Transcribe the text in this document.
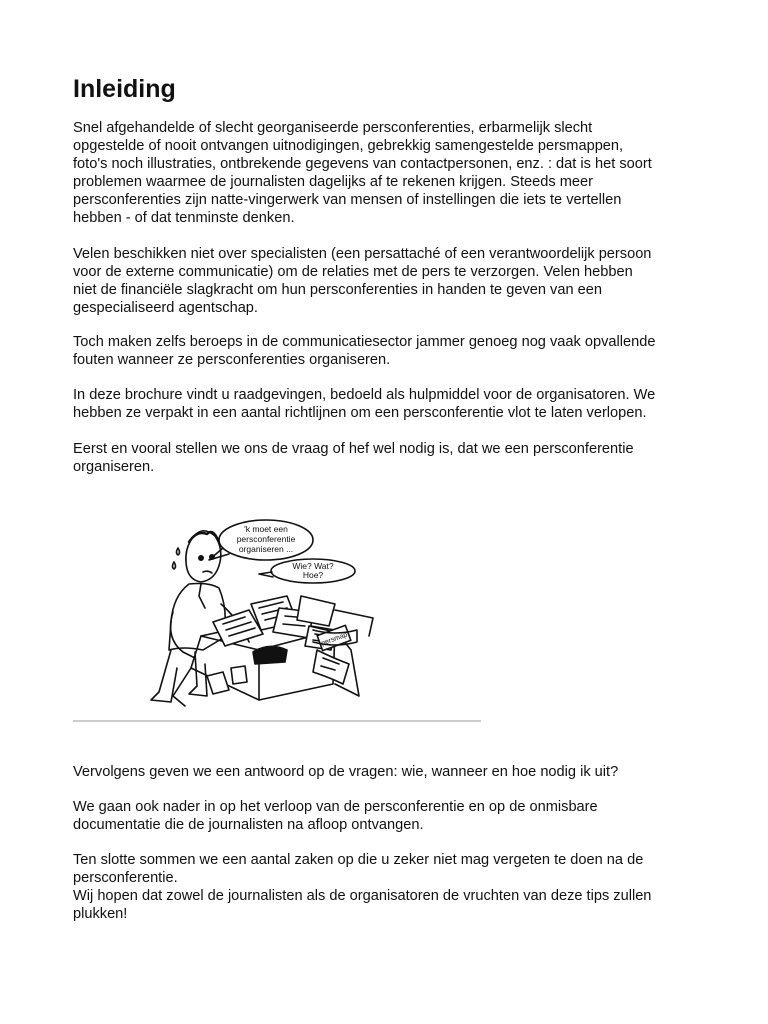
Inleiding

Snel afgehandelde of slecht georganiseerde persconferenties, erbarmelijk slecht
opgestelde of nooit ontvangen uitnodigingen, gebrekkig samengestelde persmappen,
foto's noch illustraties, ontbrekende gegevens van contactpersonen, enz. : dat is het soort
problemen waarmee de journalisten dagelijks af te rekenen krijgen. Steeds meer
persconferenties zijn natte-vingerwerk van mensen of instellingen die iets te vertellen
hebben - of dat tenminste denken.

Velen beschikken niet over specialisten (een persattaché of een verantwoordelijk persoon
voor de externe communicatie) om de relaties met de pers te verzorgen. Velen hebben
niet de financiële slagkracht om hun persconferenties in handen te geven van een
gespecialiseerd agentschap.

Toch maken zelfs beroeps in de communicatiesector jammer genoeg nog vaak opvallende
fouten wanneer ze persconferenties organiseren.

In deze brochure vindt u raadgevingen, bedoeld als hulpmiddel voor de organisatoren. We
hebben ze verpakt in een aantal richtlijnen om een persconferentie vlot te laten verlopen.

Eerst en vooral stellen we ons de vraag of hef wel nodig is, dat we een persconferentie
organiseren.

'k moet een
persconferentie
organiseren ...
Wie? Wat?
Hoe?
persmap

Vervolgens geven we een antwoord op de vragen: wie, wanneer en hoe nodig ik uit?

We gaan ook nader in op het verloop van de persconferentie en op de onmisbare
documentatie die de journalisten na afloop ontvangen.

Ten slotte sommen we een aantal zaken op die u zeker niet mag vergeten te doen na de
persconferentie.
Wij hopen dat zowel de journalisten als de organisatoren de vruchten van deze tips zullen
plukken!
